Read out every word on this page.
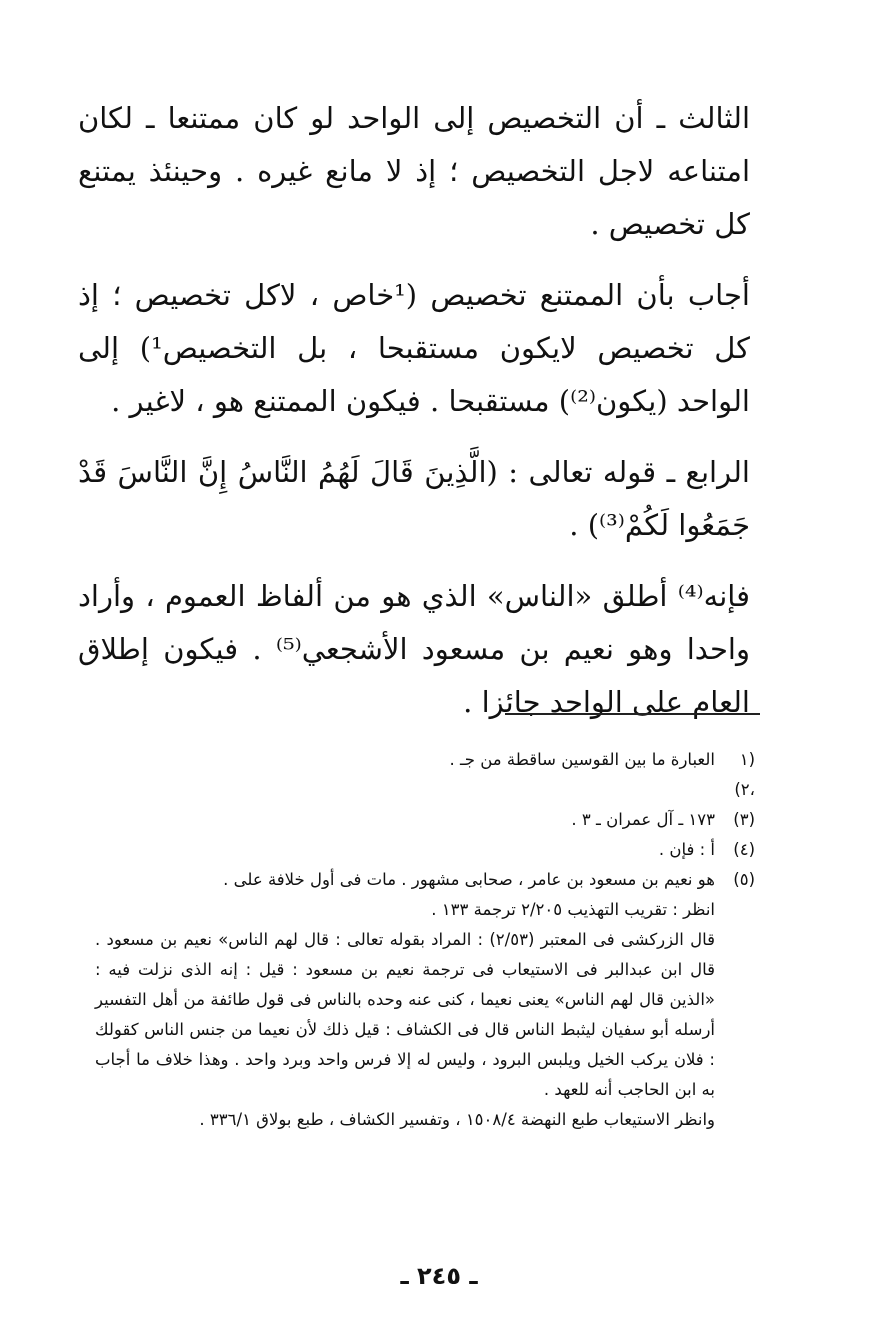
الثالث ـ أن التخصيص إلى الواحد لو كان ممتنعا ـ لكان امتناعه لاجل التخصيص ؛ إذ لا مانع غيره . وحينئذ يمتنع كل تخصيص .

أجاب بأن الممتنع تخصيص (¹خاص ، لاكل تخصيص ؛ إذ كل تخصيص لايكون مستقبحا ، بل التخصيص¹) إلى الواحد (يكون⁽²⁾) مستقبحا . فيكون الممتنع هو ، لاغير .

الرابع ـ قوله تعالى : (الَّذِينَ قَالَ لَهُمُ النَّاسُ إِنَّ النَّاسَ قَدْ جَمَعُوا لَكُمْ⁽³⁾) .

فإنه⁽⁴⁾ أطلق «الناس» الذي هو من ألفاظ العموم ، وأراد واحدا وهو نعيم بن مسعود الأشجعي⁽⁵⁾ . فيكون إطلاق العام على الواحد جائزا .

(١ ،٢)
العبارة ما بين القوسين ساقطة من جـ .
(٣)
١٧٣ ـ آل عمران ـ ٣ .
(٤)
أ : فإن .
(٥)
هو نعيم بن مسعود بن عامر ، صحابى مشهور . مات فى أول خلافة على .
انظر : تقريب التهذيب ٢/٢٠٥ ترجمة ١٣٣ .
قال الزركشى فى المعتبر (٢/٥٣) : المراد بقوله تعالى : قال لهم الناس» نعيم بن مسعود . قال ابن عبدالبر فى الاستيعاب فى ترجمة نعيم بن مسعود : قيل : إنه الذى نزلت فيه : «الذين قال لهم الناس» يعنى نعيما ، كنى عنه وحده بالناس فى قول طائفة من أهل التفسير أرسله أبو سفيان ليثبط الناس قال فى الكشاف : قيل ذلك لأن نعيما من جنس الناس كقولك : فلان يركب الخيل ويلبس البرود ، وليس له إلا فرس واحد وبرد واحد . وهذا خلاف ما أجاب به ابن الحاجب أنه للعهد .
وانظر الاستيعاب طبع النهضة ١٥٠٨/٤ ، وتفسير الكشاف ، طبع بولاق ٣٣٦/١ .
ـ ٢٤٥ ـ
